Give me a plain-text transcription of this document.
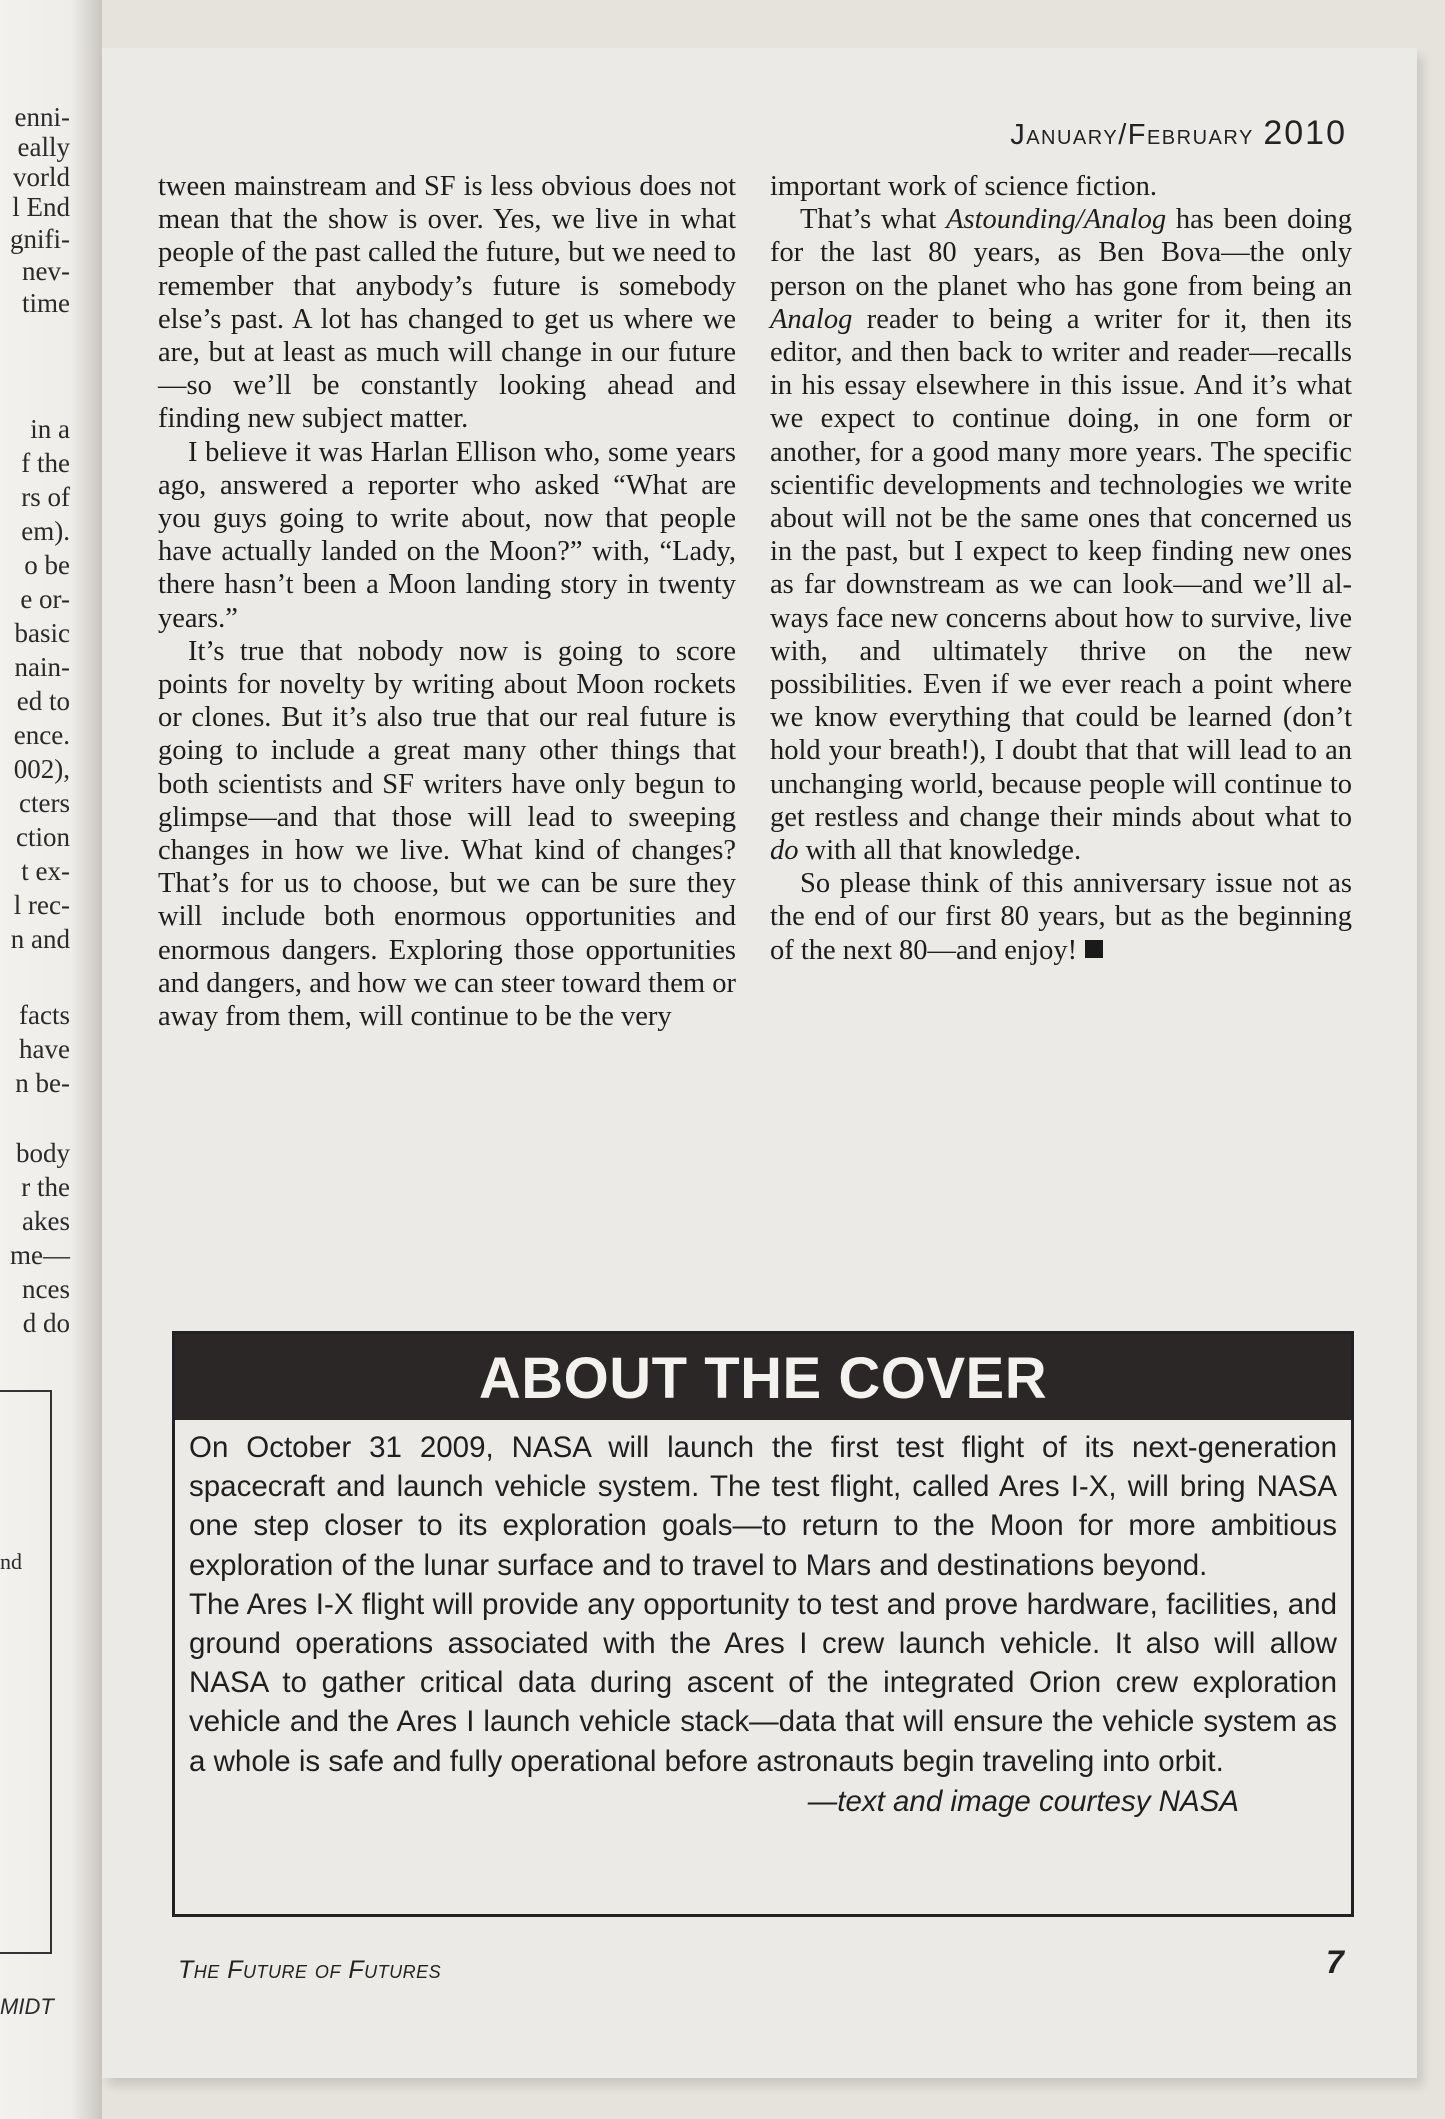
enni-
eally
vorld
l End
gnifi-
nev-
time
in a
f the
rs of
em).
o be
e or-
basic
nain-
ed to
ence.
002),
cters
ction
t ex-
l rec-
n and
facts
have
n be-
body
r the
akes
me—
nces
d do
nd
MIDT
January/February 2010

tween mainstream and SF is less obvious does not mean that the show is over. Yes, we live in what people of the past called the future, but we need to remember that anybody’s future is somebody else’s past. A lot has changed to get us where we are, but at least as much will change in our future—so we’ll be constantly looking ahead and finding new subject matter.

I believe it was Harlan Ellison who, some years ago, answered a reporter who asked “What are you guys going to write about, now that people have actually landed on the Moon?” with, “Lady, there hasn’t been a Moon landing story in twenty years.”

It’s true that nobody now is going to score points for novelty by writing about Moon rockets or clones. But it’s also true that our real future is going to include a great many other things that both scientists and SF writers have only begun to glimpse—and that those will lead to sweeping changes in how we live. What kind of changes? That’s for us to choose, but we can be sure they will include both enormous opportunities and enormous dangers. Exploring those opportunities and dangers, and how we can steer toward them or away from them, will continue to be the very

important work of science fiction.

That’s what Astounding/Analog has been doing for the last 80 years, as Ben Bova—the only person on the planet who has gone from being an Analog reader to being a writer for it, then its editor, and then back to writer and reader—recalls in his essay elsewhere in this issue. And it’s what we expect to continue doing, in one form or another, for a good many more years. The specific scientific developments and technologies we write about will not be the same ones that concerned us in the past, but I expect to keep finding new ones as far downstream as we can look—and we’ll always face new concerns about how to survive, live with, and ultimately thrive on the new possibilities. Even if we ever reach a point where we know everything that could be learned (don’t hold your breath!), I doubt that that will lead to an unchanging world, because people will continue to get restless and change their minds about what to do with all that knowledge.

So please think of this anniversary issue not as the end of our first 80 years, but as the beginning of the next 80—and enjoy!

ABOUT THE COVER

On October 31 2009, NASA will launch the first test flight of its next-generation spacecraft and launch vehicle system. The test flight, called Ares I-X, will bring NASA one step closer to its exploration goals—to return to the Moon for more ambitious exploration of the lunar surface and to travel to Mars and destinations beyond.

The Ares I-X flight will provide any opportunity to test and prove hardware, facilities, and ground operations associated with the Ares I crew launch vehicle. It also will allow NASA to gather critical data during ascent of the integrated Orion crew exploration vehicle and the Ares I launch vehicle stack—data that will ensure the vehicle system as a whole is safe and fully operational before astronauts begin traveling into orbit.

—text and image courtesy NASA
The Future of Futures	7
